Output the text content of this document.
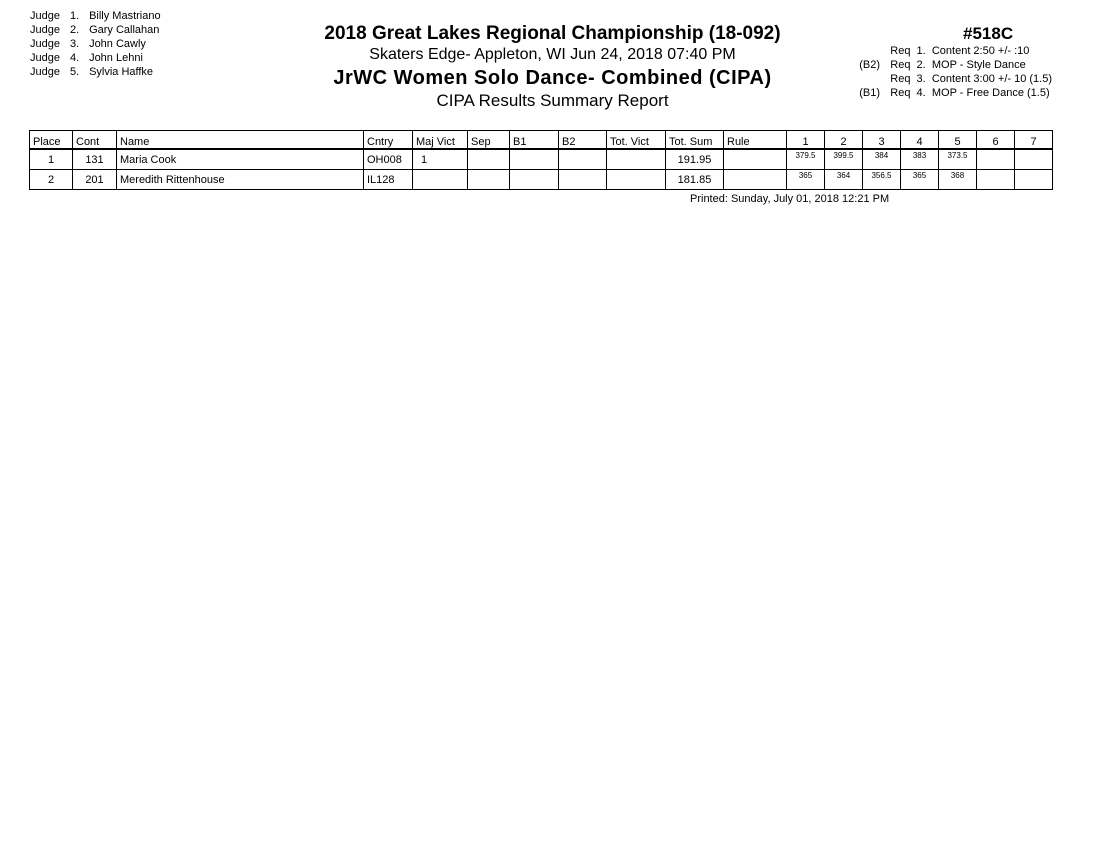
Judge 1. Billy Mastriano
Judge 2. Gary Callahan
Judge 3. John Cawly
Judge 4. John Lehni
Judge 5. Sylvia Haffke
2018 Great Lakes Regional Championship (18-092)
Skaters Edge- Appleton, WI Jun 24, 2018 07:40 PM
JrWC Women Solo Dance- Combined (CIPA)
CIPA Results Summary Report
#518C
Req  1.  Content 2:50 +/- :10
(B2) Req  2.  MOP - Style Dance
Req  3.  Content 3:00 +/- 10 (1.5)
(B1) Req  4.  MOP - Free Dance (1.5)
Place	Cont	Name	Cntry	Maj Vict	Sep	B1	B2	Tot. Vict	Tot. Sum	Rule	1	2	3	4	5	6	7
1	131	Maria Cook	OH008	1					191.95		379.5	399.5	384	383	373.5		
2	201	Meredith Rittenhouse	IL128						181.85		365	364	356.5	365	368		
Printed: Sunday, July 01, 2018 12:21 PM
